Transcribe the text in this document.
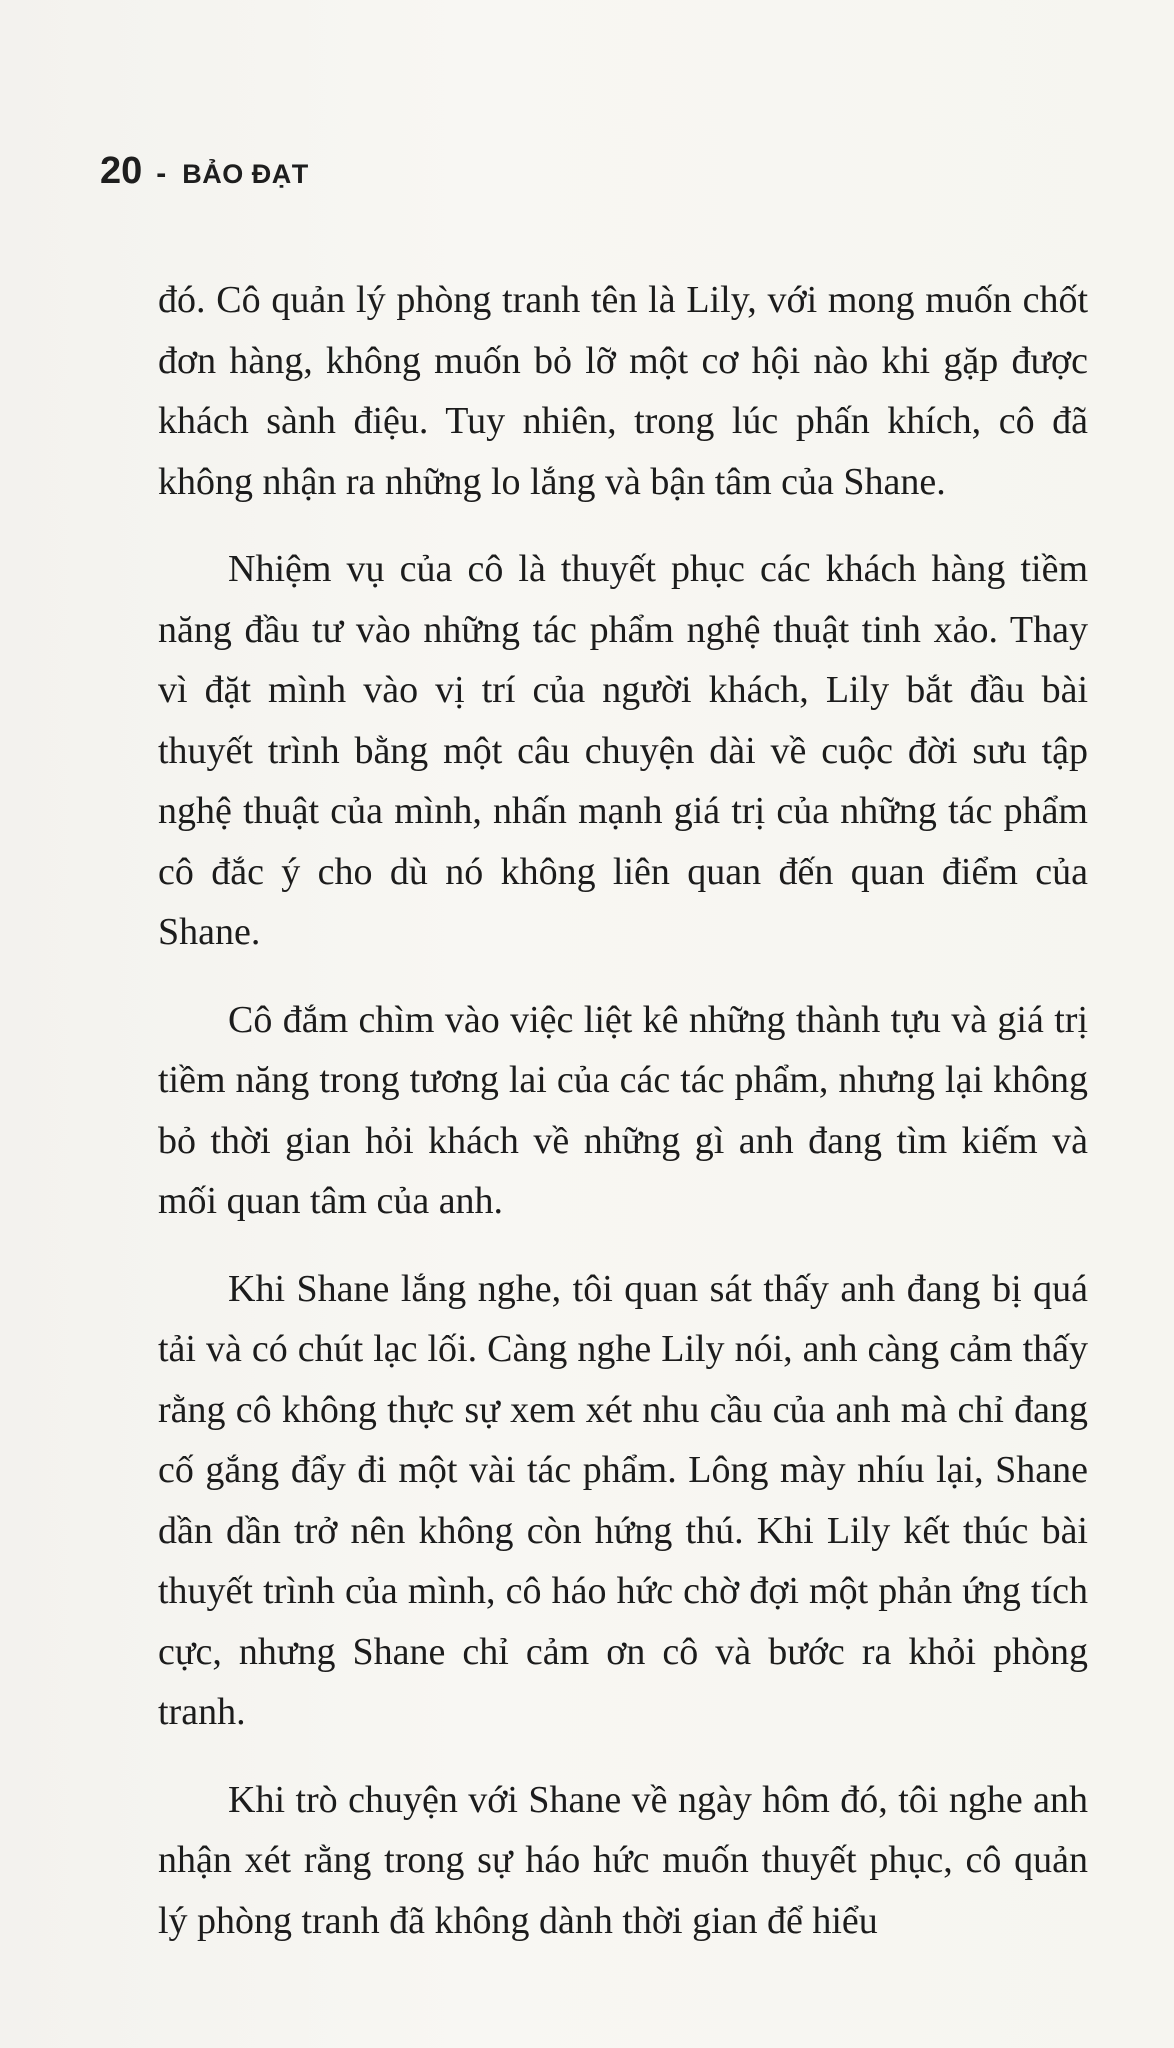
20 - BẢO ĐẠT

đó. Cô quản lý phòng tranh tên là Lily, với mong muốn chốt đơn hàng, không muốn bỏ lỡ một cơ hội nào khi gặp được khách sành điệu. Tuy nhiên, trong lúc phấn khích, cô đã không nhận ra những lo lắng và bận tâm của Shane.

Nhiệm vụ của cô là thuyết phục các khách hàng tiềm năng đầu tư vào những tác phẩm nghệ thuật tinh xảo. Thay vì đặt mình vào vị trí của người khách, Lily bắt đầu bài thuyết trình bằng một câu chuyện dài về cuộc đời sưu tập nghệ thuật của mình, nhấn mạnh giá trị của những tác phẩm cô đắc ý cho dù nó không liên quan đến quan điểm của Shane.

Cô đắm chìm vào việc liệt kê những thành tựu và giá trị tiềm năng trong tương lai của các tác phẩm, nhưng lại không bỏ thời gian hỏi khách về những gì anh đang tìm kiếm và mối quan tâm của anh.

Khi Shane lắng nghe, tôi quan sát thấy anh đang bị quá tải và có chút lạc lối. Càng nghe Lily nói, anh càng cảm thấy rằng cô không thực sự xem xét nhu cầu của anh mà chỉ đang cố gắng đẩy đi một vài tác phẩm. Lông mày nhíu lại, Shane dần dần trở nên không còn hứng thú. Khi Lily kết thúc bài thuyết trình của mình, cô háo hức chờ đợi một phản ứng tích cực, nhưng Shane chỉ cảm ơn cô và bước ra khỏi phòng tranh.

Khi trò chuyện với Shane về ngày hôm đó, tôi nghe anh nhận xét rằng trong sự háo hức muốn thuyết phục, cô quản lý phòng tranh đã không dành thời gian để hiểu
